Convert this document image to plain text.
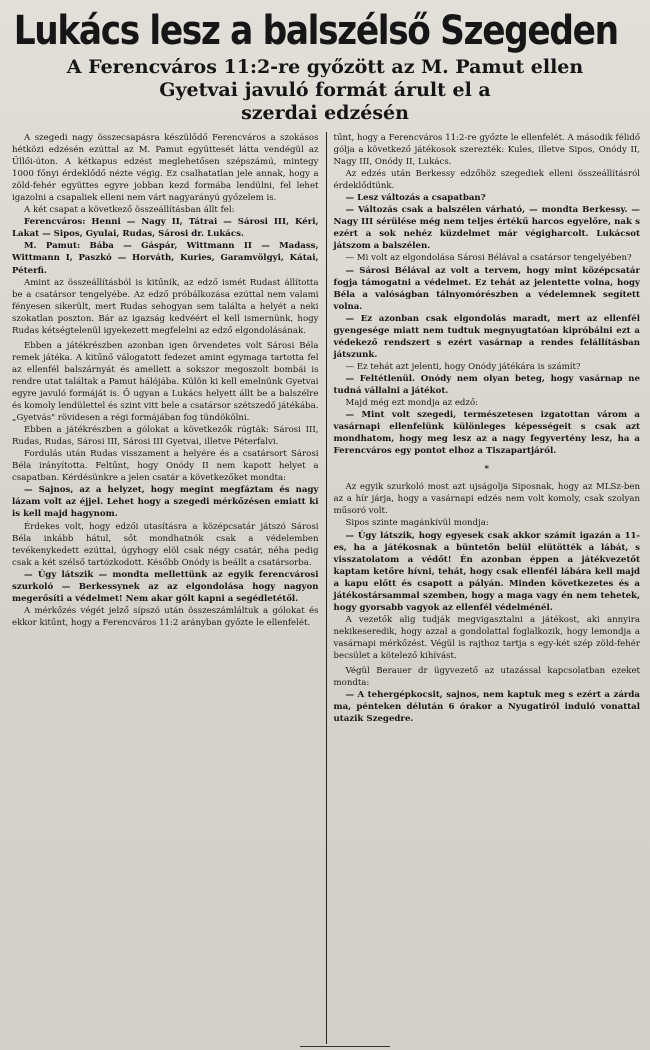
Lukács lesz a balszélső Szegeden
A Ferencváros 11:2-re győzött az M. Pamut ellen
Gyetvai javuló formát árult el a
szerdai edzésén

A szegedi nagy összecsapásra készülődő Ferencváros a szokásos hétközi edzésén ezúttal az M. Pamut együttesét látta vendégül az Üllői-úton. A kétkapus edzést meglehetősen szépszámú, mintegy 1000 főnyi érdeklődő nézte végig. Ez csalhatatlan jele annak, hogy a zöld-fehér együttes egyre jobban kezd formába lendülni, fel lehet igazolni a csapaliek elleni nem várt nagyarányú győzelem is.

A két csapat a következő összeállításban állt fel:

Ferencváros: Henni — Nagy II, Tátrai — Sárosi III, Kéri, Lakat — Sipos, Gyulai, Rudas, Sárosi dr. Lukács.

M. Pamut: Bába — Gáspár, Wittmann II — Madass, Wittmann I, Paszkó — Horváth, Kuries, Garamvölgyi, Kátai, Péterfi.

Amint az összeállításból is kitűnik, az edző ismét Rudast állította be a csatársor tengelyébe. Az edző próbálkozása ezúttal nem valami fényesen sikerült, mert Rudas sehogyan sem találta a helyét a neki szokatlan poszton. Bár az igazság kedvéért el kell ismernünk, hogy Rudas kétségtelenül igyekezett megfelelni az edző elgondolásának.

Ebben a játékrészben azonban igen örvendetes volt Sárosi Béla remek játéka. A kitűnő válogatott fedezet amint egymaga tartotta fel az ellenfél balszárnyát és amellett a sokszor megoszolt bombái is rendre utat találtak a Pamut hálójába. Külön ki kell emelnünk Gyetvai egyre javuló formáját is. Ő ugyan a Lukács helyett állt be a balszélre és komoly lendülettel és szint vitt bele a csatársor szétszedő játékába. „Gyetvás" rövidesen a régi formájában fog tündökölni.

Ebben a játékrészben a gólokat a következők rúgták: Sárosi III, Rudas, Rudas, Sárosi III, Sárosi III Gyetvai, illetve Péterfalvi.

Fordulás után Rudas visszament a helyére és a csatársort Sárosi Béla irányította. Feltűnt, hogy Onódy II nem kapott helyet a csapatban. Kérdésünkre a jelen csatár a következőket mondta:

— Sajnos, az a helyzet, hogy megint megfáztam és nagy lázam volt az éjjel. Lehet hogy a szegedi mérkőzésen emiatt ki is kell majd hagynom.

Érdekes volt, hogy edzői utasításra a középcsatár játszó Sárosi Béla inkább hátul, sőt mondhatnók csak a védelemben tevékenykedett ezúttal, úgyhogy elöl csak négy csatár, néha pedig csak a két szélső tartózkodott. Később Onódy is beállt a csatársorba.

— Úgy látszik — mondta mellettünk az egyik ferencvárosi szurkoló — Berkessynek az az elgondolása hogy nagyon megerősíti a védelmet! Nem akar gólt kapni a segédletétől.

A mérkőzés végét jelző sípszó után összeszámláltuk a gólokat és ekkor kitűnt, hogy a Ferencváros 11:2 arányban győzte le ellenfelét.

tűnt, hogy a Ferencváros 11:2-re győzte le ellenfelét. A második félidő gólja a következő játékosok szerezték: Kules, illetve Sipos, Onódy II, Nagy III, Onódy II, Lukács.

Az edzés után Berkessy edzőhöz szegediek elleni összeállításról érdeklődtünk.

— Lesz változás a csapatban?

— Változás csak a balszélen várható, — mondta Berkessy. — Nagy III sérülése még nem teljes értékű harcos egyelőre, nak s ezért a sok nehéz küzdelmet már végigharcolt. Lukácsot játszom a balszélen.

— Mi volt az elgondolása Sárosi Bélával a csatársor tengelyében?

— Sárosi Bélával az volt a tervem, hogy mint középcsatár fogja támogatni a védelmet. Ez tehát az jelentette volna, hogy Béla a valóságban tálnyomórészben a védelemnek segített volna.

— Ez azonban csak elgondolás maradt, mert az ellenfél gyengesége miatt nem tudtuk megnyugtatóan kipróbálni ezt a védekező rendszert s ezért vasárnap a rendes felállításban játszunk.

— Ez tehát azt jelenti, hogy Onódy játékára is számít?

— Feltétlenül. Onódy nem olyan beteg, hogy vasárnap ne tudná vállalni a játékot.

Majd még ezt mondja az edző:

— Mint volt szegedi, természetesen izgatottan várom a vasárnapi ellenfelünk különleges képességeit s csak azt mondhatom, hogy meg lesz az a nagy fegyvertény lesz, ha a Ferencváros egy pontot elhoz a Tiszapartjáról.

*

Az egyik szurkoló most azt ujságolja Siposnak, hogy az MLSz-ben az a hír járja, hogy a vasárnapi edzés nem volt komoly, csak szolyan műsoró volt.

Sipos szinte magánkívül mondja:

— Úgy látszik, hogy egyesek csak akkor számít igazán a 11-es, ha a játékosnak a büntetőn belül elütötték a lábát, s visszatolatom a védőt! Én azonban éppen a játékvezetőt kaptam ketőre hívni, tehát, hogy csak ellenfél lábára kell majd a kapu előtt és csapott a pályán. Minden következetes és a játékostársammal szemben, hogy a maga vagy én nem tehetek, hogy gyorsabb vagyok az ellenfél védelménél.

A vezetők alig tudják megvigasztalni a játékost, aki annyira nekikeseredik, hogy azzal a gondolattal foglalkozik, hogy lemondja a vasárnapi mérkőzést. Végül is rajthoz tartja s egy-két szép zöld-fehér becsület a kötelező kihívást.

Végül Berauer dr ügyvezető az utazással kapcsolatban ezeket mondta:

— A tehergépkocsit, sajnos, nem kaptuk meg s ezért a zárda ma, pénteken délután 6 órakor a Nyugatiról induló vonattal utazik Szegedre.
